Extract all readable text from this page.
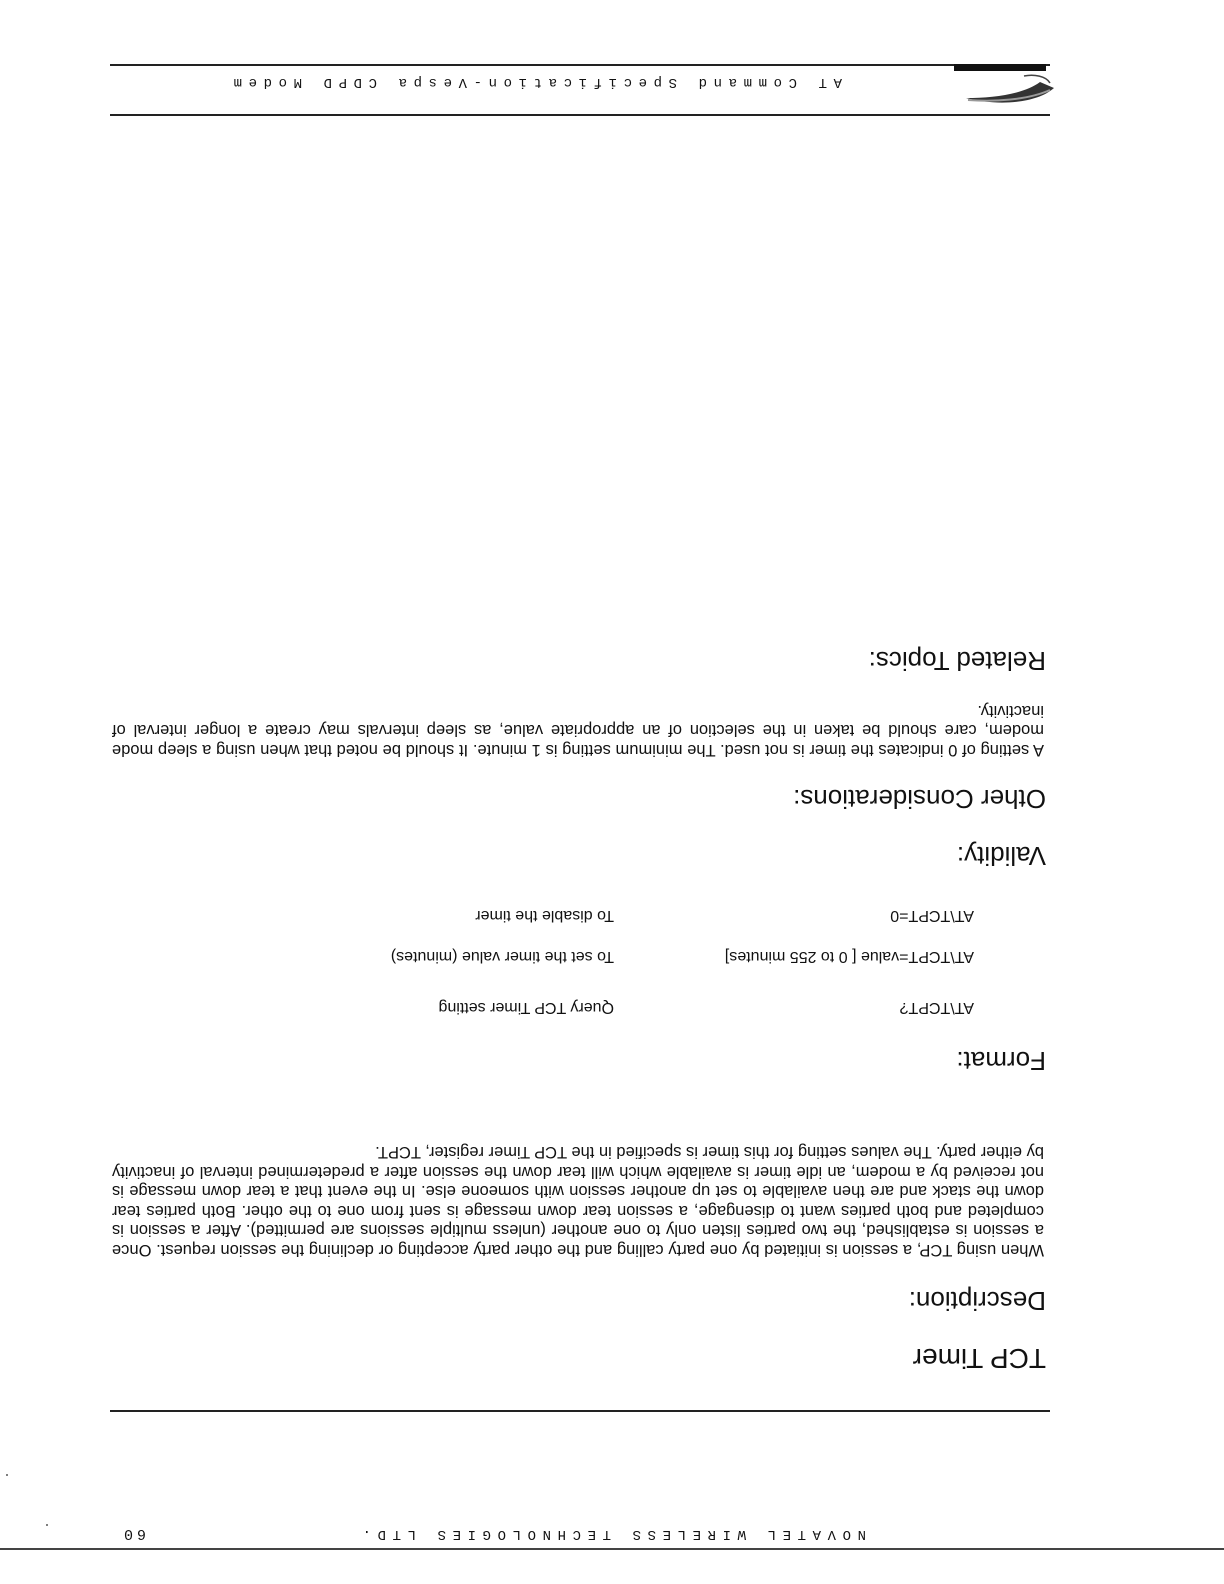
60	NOVATEL WIRELESS TECHNOLOGIES LTD.
TCP Timer
Description:
When using TCP, a session is initiated by one party calling and the other party accepting or declining the session request. Once a session is established, the two parties listen only to one another (unless multiple sessions are permitted). After a session is completed and both parties want to disengage, a session tear down message is sent from one to the other. Both parties tear down the stack and are then available to set up another session with someone else. In the event that a tear down message is not received by a modem, an idle timer is available which will tear down the session after a predetermined interval of inactivity by either party. The values setting for this timer is specified in the TCP Timer register, TCPT.
Format:
AT\TCPT?
Query TCP Timer setting
AT\TCPT=value [ 0 to 255 minutes]
To set the timer value (minutes)
AT\TCPT=0
To disable the timer
Validity:
Other Considerations:
A setting of 0 indicates the timer is not used. The minimum setting is 1 minute. It should be noted that when using a sleep mode modem, care should be taken in the selection of an appropriate value, as sleep intervals may create a longer interval of inactivity.
Related Topics:
AT Command Specification-Vespa CDPD Modem
